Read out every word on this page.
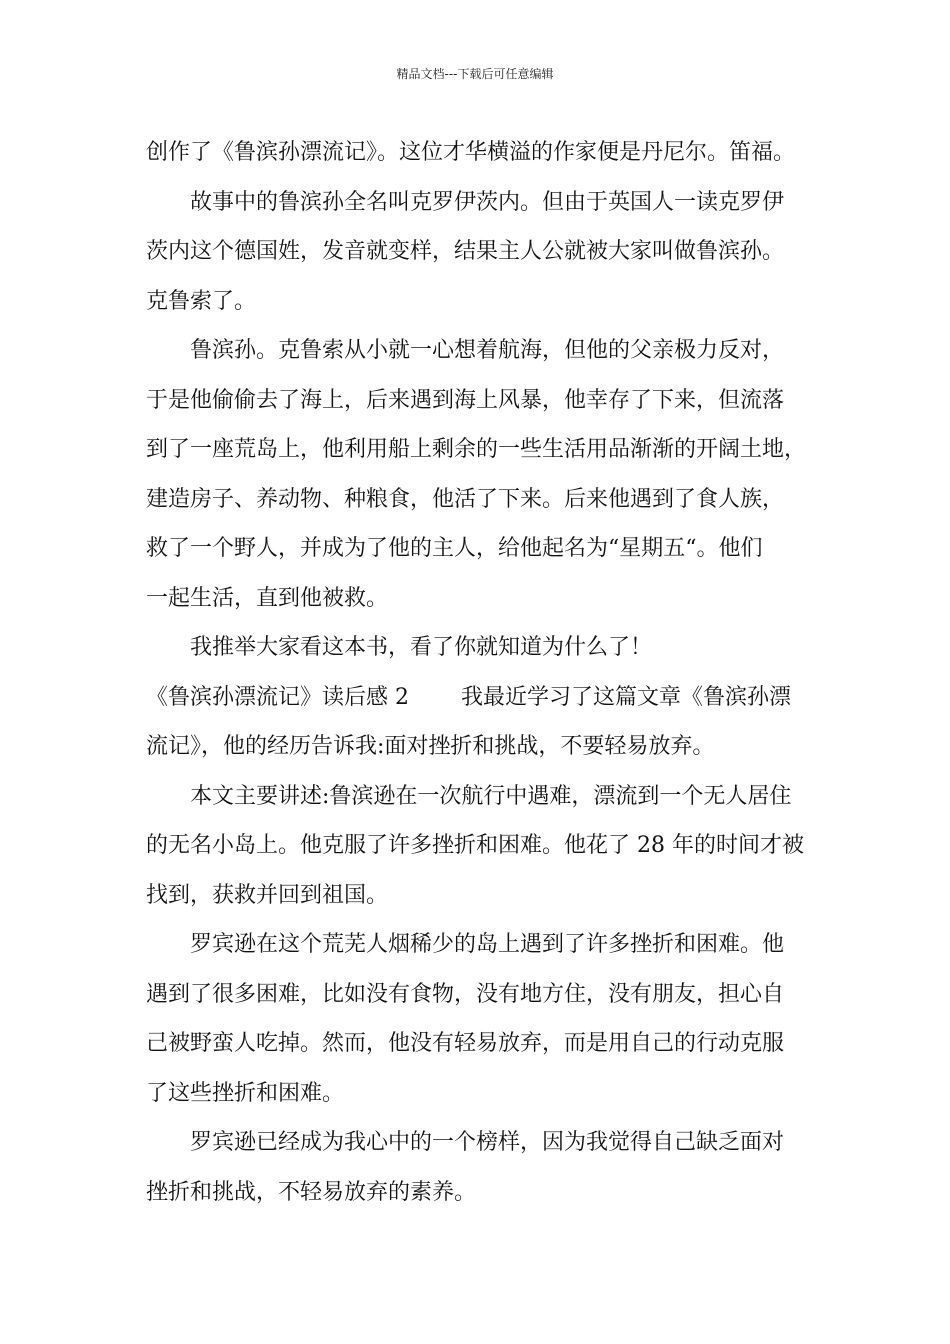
精品文档---下载后可任意编辑
创作了《鲁滨孙漂流记》。这位才华横溢的作家便是丹尼尔。笛福。
故事中的鲁滨孙全名叫克罗伊茨内。但由于英国人一读克罗伊
茨内这个德国姓，发音就变样，结果主人公就被大家叫做鲁滨孙。
克鲁索了。
鲁滨孙。克鲁索从小就一心想着航海，但他的父亲极力反对，
于是他偷偷去了海上，后来遇到海上风暴，他幸存了下来，但流落
到了一座荒岛上，他利用船上剩余的一些生活用品渐渐的开阔土地，
建造房子、养动物、种粮食，他活了下来。后来他遇到了食人族，
救了一个野人，并成为了他的主人，给他起名为“星期五“。他们
一起生活，直到他被救。
我推举大家看这本书，看了你就知道为什么了！
《鲁滨孙漂流记》读后感 2 我最近学习了这篇文章《鲁滨孙漂
流记》，他的经历告诉我:面对挫折和挑战，不要轻易放弃。
本文主要讲述:鲁滨逊在一次航行中遇难，漂流到一个无人居住
的无名小岛上。他克服了许多挫折和困难。他花了 28 年的时间才被
找到，获救并回到祖国。
罗宾逊在这个荒芜人烟稀少的岛上遇到了许多挫折和困难。他
遇到了很多困难，比如没有食物，没有地方住，没有朋友，担心自
己被野蛮人吃掉。然而，他没有轻易放弃，而是用自己的行动克服
了这些挫折和困难。
罗宾逊已经成为我心中的一个榜样，因为我觉得自己缺乏面对
挫折和挑战，不轻易放弃的素养。
